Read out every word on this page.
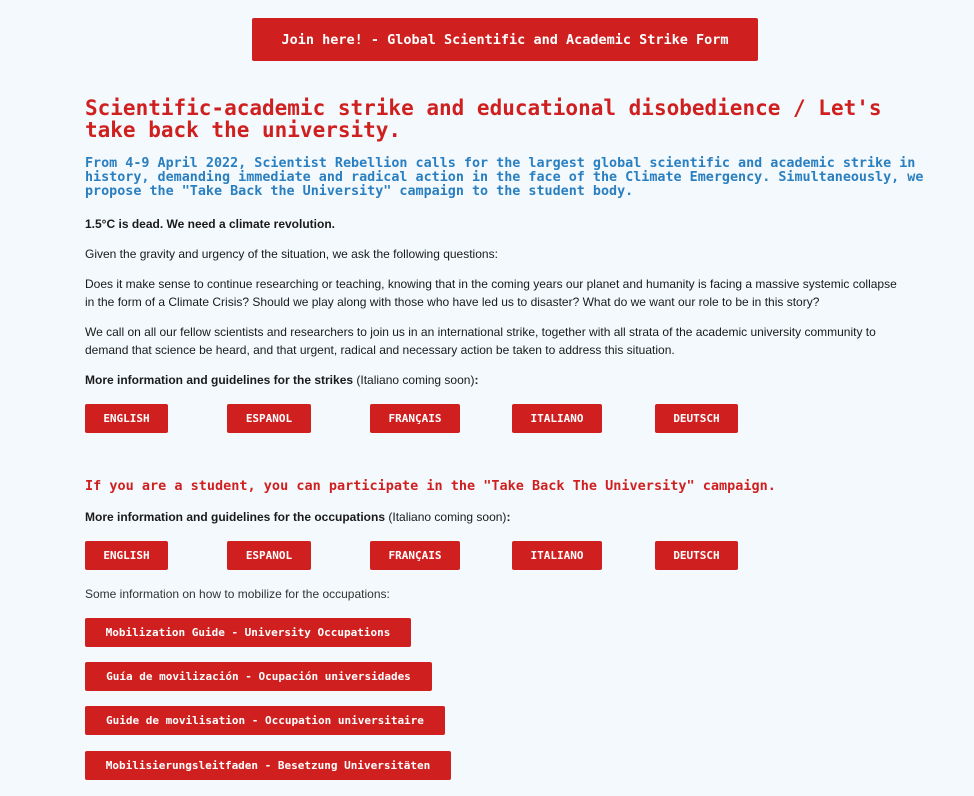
Join here! - Global Scientific and Academic Strike Form
Scientific-academic strike and educational disobedience / Let's take back the university.
From 4-9 April 2022, Scientist Rebellion calls for the largest global scientific and academic strike in history, demanding immediate and radical action in the face of the Climate Emergency. Simultaneously, we propose the "Take Back the University" campaign to the student body.

1.5°C is dead. We need a climate revolution.

Given the gravity and urgency of the situation, we ask the following questions:

Does it make sense to continue researching or teaching, knowing that in the coming years our planet and humanity is facing a massive systemic collapse in the form of a Climate Crisis? Should we play along with those who have led us to disaster? What do we want our role to be in this story?

We call on all our fellow scientists and researchers to join us in an international strike, together with all strata of the academic university community to demand that science be heard, and that urgent, radical and necessary action be taken to address this situation.

More information and guidelines for the strikes (Italiano coming soon):

ENGLISH	ESPANOL	FRANÇAIS	ITALIANO	DEUTSCH
If you are a student, you can participate in the "Take Back The University" campaign.

More information and guidelines for the occupations (Italiano coming soon):

ENGLISH	ESPANOL	FRANÇAIS	ITALIANO	DEUTSCH

Some information on how to mobilize for the occupations:

Mobilization Guide - University Occupations
Guía de movilización - Ocupación universidades
Guide de movilisation - Occupation universitaire
Mobilisierungsleitfaden - Besetzung Universitäten
